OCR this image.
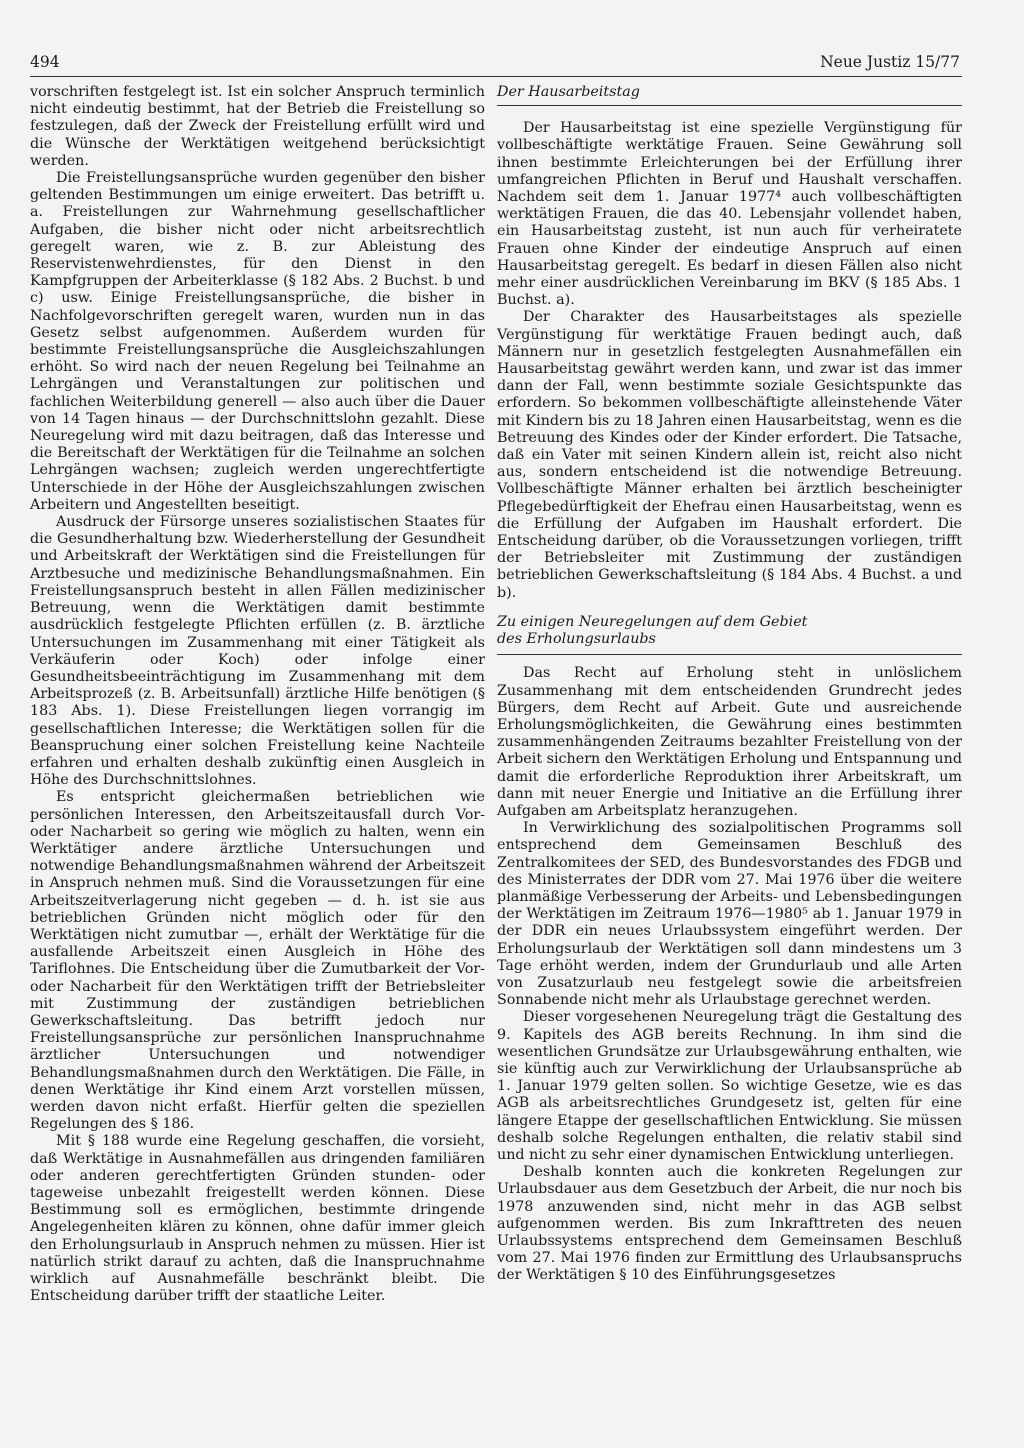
494	Neue Justiz 15/77

vorschriften festgelegt ist. Ist ein solcher Anspruch terminlich nicht eindeutig bestimmt, hat der Betrieb die Freistellung so festzulegen, daß der Zweck der Freistellung erfüllt wird und die Wünsche der Werktätigen weitgehend berücksichtigt werden.

Die Freistellungsansprüche wurden gegenüber den bisher geltenden Bestimmungen um einige erweitert. Das betrifft u. a. Freistellungen zur Wahrnehmung gesellschaftlicher Aufgaben, die bisher nicht oder nicht arbeitsrechtlich geregelt waren, wie z. B. zur Ableistung des Reservistenwehrdienstes, für den Dienst in den Kampfgruppen der Arbeiterklasse (§ 182 Abs. 2 Buchst. b und c) usw. Einige Freistellungsansprüche, die bisher in Nachfolgevorschriften geregelt waren, wurden nun in das Gesetz selbst aufgenommen. Außerdem wurden für bestimmte Freistellungsansprüche die Ausgleichszahlungen erhöht. So wird nach der neuen Regelung bei Teilnahme an Lehrgängen und Veranstaltungen zur politischen und fachlichen Weiterbildung generell — also auch über die Dauer von 14 Tagen hinaus — der Durchschnittslohn gezahlt. Diese Neuregelung wird mit dazu beitragen, daß das Interesse und die Bereitschaft der Werktätigen für die Teilnahme an solchen Lehrgängen wachsen; zugleich werden ungerechtfertigte Unterschiede in der Höhe der Ausgleichszahlungen zwischen Arbeitern und Angestellten beseitigt.

Ausdruck der Fürsorge unseres sozialistischen Staates für die Gesundherhaltung bzw. Wiederherstellung der Gesundheit und Arbeitskraft der Werktätigen sind die Freistellungen für Arztbesuche und medizinische Behandlungsmaßnahmen. Ein Freistellungsanspruch besteht in allen Fällen medizinischer Betreuung, wenn die Werktätigen damit bestimmte ausdrücklich festgelegte Pflichten erfüllen (z. B. ärztliche Untersuchungen im Zusammenhang mit einer Tätigkeit als Verkäuferin oder Koch) oder infolge einer Gesundheitsbeeinträchtigung im Zusammenhang mit dem Arbeitsprozeß (z. B. Arbeitsunfall) ärztliche Hilfe benötigen (§ 183 Abs. 1). Diese Freistellungen liegen vorrangig im gesellschaftlichen Interesse; die Werktätigen sollen für die Beanspruchung einer solchen Freistellung keine Nachteile erfahren und erhalten deshalb zukünftig einen Ausgleich in Höhe des Durchschnittslohnes.

Es entspricht gleichermaßen betrieblichen wie persönlichen Interessen, den Arbeitszeitausfall durch Vor- oder Nacharbeit so gering wie möglich zu halten, wenn ein Werktätiger andere ärztliche Untersuchungen und notwendige Behandlungsmaßnahmen während der Arbeitszeit in Anspruch nehmen muß. Sind die Voraussetzungen für eine Arbeitszeitverlagerung nicht gegeben — d. h. ist sie aus betrieblichen Gründen nicht möglich oder für den Werktätigen nicht zumutbar —, erhält der Werktätige für die ausfallende Arbeitszeit einen Ausgleich in Höhe des Tariflohnes. Die Entscheidung über die Zumutbarkeit der Vor- oder Nacharbeit für den Werktätigen trifft der Betriebsleiter mit Zustimmung der zuständigen betrieblichen Gewerkschaftsleitung. Das betrifft jedoch nur Freistellungsansprüche zur persönlichen Inanspruchnahme ärztlicher Untersuchungen und notwendiger Behandlungsmaßnahmen durch den Werktätigen. Die Fälle, in denen Werktätige ihr Kind einem Arzt vorstellen müssen, werden davon nicht erfaßt. Hierfür gelten die speziellen Regelungen des § 186.

Mit § 188 wurde eine Regelung geschaffen, die vorsieht, daß Werktätige in Ausnahmefällen aus dringenden familiären oder anderen gerechtfertigten Gründen stunden- oder tageweise unbezahlt freigestellt werden können. Diese Bestimmung soll es ermöglichen, bestimmte dringende Angelegenheiten klären zu können, ohne dafür immer gleich den Erholungsurlaub in Anspruch nehmen zu müssen. Hier ist natürlich strikt darauf zu achten, daß die Inanspruchnahme wirklich auf Ausnahmefälle beschränkt bleibt. Die Entscheidung darüber trifft der staatliche Leiter.

Der Hausarbeitstag

Der Hausarbeitstag ist eine spezielle Vergünstigung für vollbeschäftigte werktätige Frauen. Seine Gewährung soll ihnen bestimmte Erleichterungen bei der Erfüllung ihrer umfangreichen Pflichten in Beruf und Haushalt verschaffen. Nachdem seit dem 1. Januar 1977⁴ auch vollbeschäftigten werktätigen Frauen, die das 40. Lebensjahr vollendet haben, ein Hausarbeitstag zusteht, ist nun auch für verheiratete Frauen ohne Kinder der eindeutige Anspruch auf einen Hausarbeitstag geregelt. Es bedarf in diesen Fällen also nicht mehr einer ausdrücklichen Vereinbarung im BKV (§ 185 Abs. 1 Buchst. a).

Der Charakter des Hausarbeitstages als spezielle Vergünstigung für werktätige Frauen bedingt auch, daß Männern nur in gesetzlich festgelegten Ausnahmefällen ein Hausarbeitstag gewährt werden kann, und zwar ist das immer dann der Fall, wenn bestimmte soziale Gesichtspunkte das erfordern. So bekommen vollbeschäftigte alleinstehende Väter mit Kindern bis zu 18 Jahren einen Hausarbeitstag, wenn es die Betreuung des Kindes oder der Kinder erfordert. Die Tatsache, daß ein Vater mit seinen Kindern allein ist, reicht also nicht aus, sondern entscheidend ist die notwendige Betreuung. Vollbeschäftigte Männer erhalten bei ärztlich bescheinigter Pflegebedürftigkeit der Ehefrau einen Hausarbeitstag, wenn es die Erfüllung der Aufgaben im Haushalt erfordert. Die Entscheidung darüber, ob die Voraussetzungen vorliegen, trifft der Betriebsleiter mit Zustimmung der zuständigen betrieblichen Gewerkschaftsleitung (§ 184 Abs. 4 Buchst. a und b).

Zu einigen Neuregelungen auf dem Gebiet
des Erholungsurlaubs

Das Recht auf Erholung steht in unlöslichem Zusammenhang mit dem entscheidenden Grundrecht jedes Bürgers, dem Recht auf Arbeit. Gute und ausreichende Erholungsmöglichkeiten, die Gewährung eines bestimmten zusammenhängenden Zeitraums bezahlter Freistellung von der Arbeit sichern den Werktätigen Erholung und Entspannung und damit die erforderliche Reproduktion ihrer Arbeitskraft, um dann mit neuer Energie und Initiative an die Erfüllung ihrer Aufgaben am Arbeitsplatz heranzugehen.

In Verwirklichung des sozialpolitischen Programms soll entsprechend dem Gemeinsamen Beschluß des Zentralkomitees der SED, des Bundesvorstandes des FDGB und des Ministerrates der DDR vom 27. Mai 1976 über die weitere planmäßige Verbesserung der Arbeits- und Lebensbedingungen der Werktätigen im Zeitraum 1976—1980⁵ ab 1. Januar 1979 in der DDR ein neues Urlaubssystem eingeführt werden. Der Erholungsurlaub der Werktätigen soll dann mindestens um 3 Tage erhöht werden, indem der Grundurlaub und alle Arten von Zusatzurlaub neu festgelegt sowie die arbeitsfreien Sonnabende nicht mehr als Urlaubstage gerechnet werden.

Dieser vorgesehenen Neuregelung trägt die Gestaltung des 9. Kapitels des AGB bereits Rechnung. In ihm sind die wesentlichen Grundsätze zur Urlaubsgewährung enthalten, wie sie künftig auch zur Verwirklichung der Urlaubsansprüche ab 1. Januar 1979 gelten sollen. So wichtige Gesetze, wie es das AGB als arbeitsrechtliches Grundgesetz ist, gelten für eine längere Etappe der gesellschaftlichen Entwicklung. Sie müssen deshalb solche Regelungen enthalten, die relativ stabil sind und nicht zu sehr einer dynamischen Entwicklung unterliegen.

Deshalb konnten auch die konkreten Regelungen zur Urlaubsdauer aus dem Gesetzbuch der Arbeit, die nur noch bis 1978 anzuwenden sind, nicht mehr in das AGB selbst aufgenommen werden. Bis zum Inkrafttreten des neuen Urlaubssystems entsprechend dem Gemeinsamen Beschluß vom 27. Mai 1976 finden zur Ermittlung des Urlaubsanspruchs der Werktätigen § 10 des Einführungsgesetzes
